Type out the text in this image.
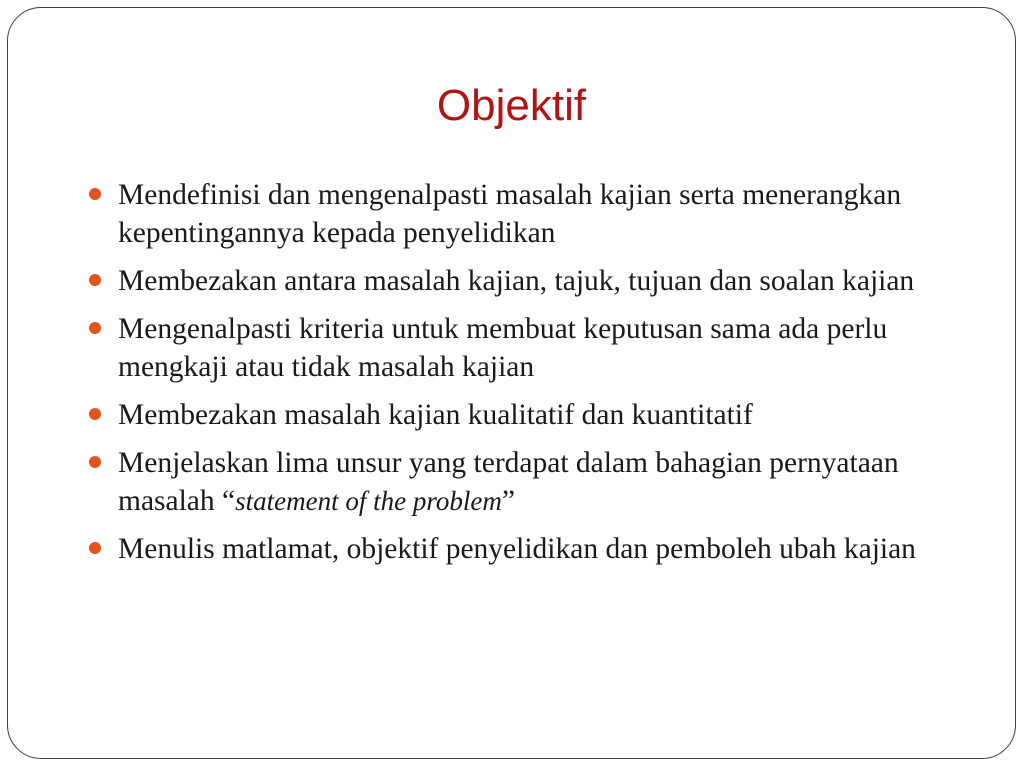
Objektif
Mendefinisi dan mengenalpasti masalah kajian serta menerangkan kepentingannya kepada penyelidikan
Membezakan antara masalah kajian, tajuk, tujuan dan soalan kajian
Mengenalpasti kriteria untuk membuat keputusan sama ada perlu mengkaji atau tidak masalah kajian
Membezakan masalah kajian kualitatif dan kuantitatif
Menjelaskan lima unsur yang terdapat dalam bahagian pernyataan masalah “statement of the problem”
Menulis matlamat, objektif penyelidikan dan pemboleh ubah kajian
